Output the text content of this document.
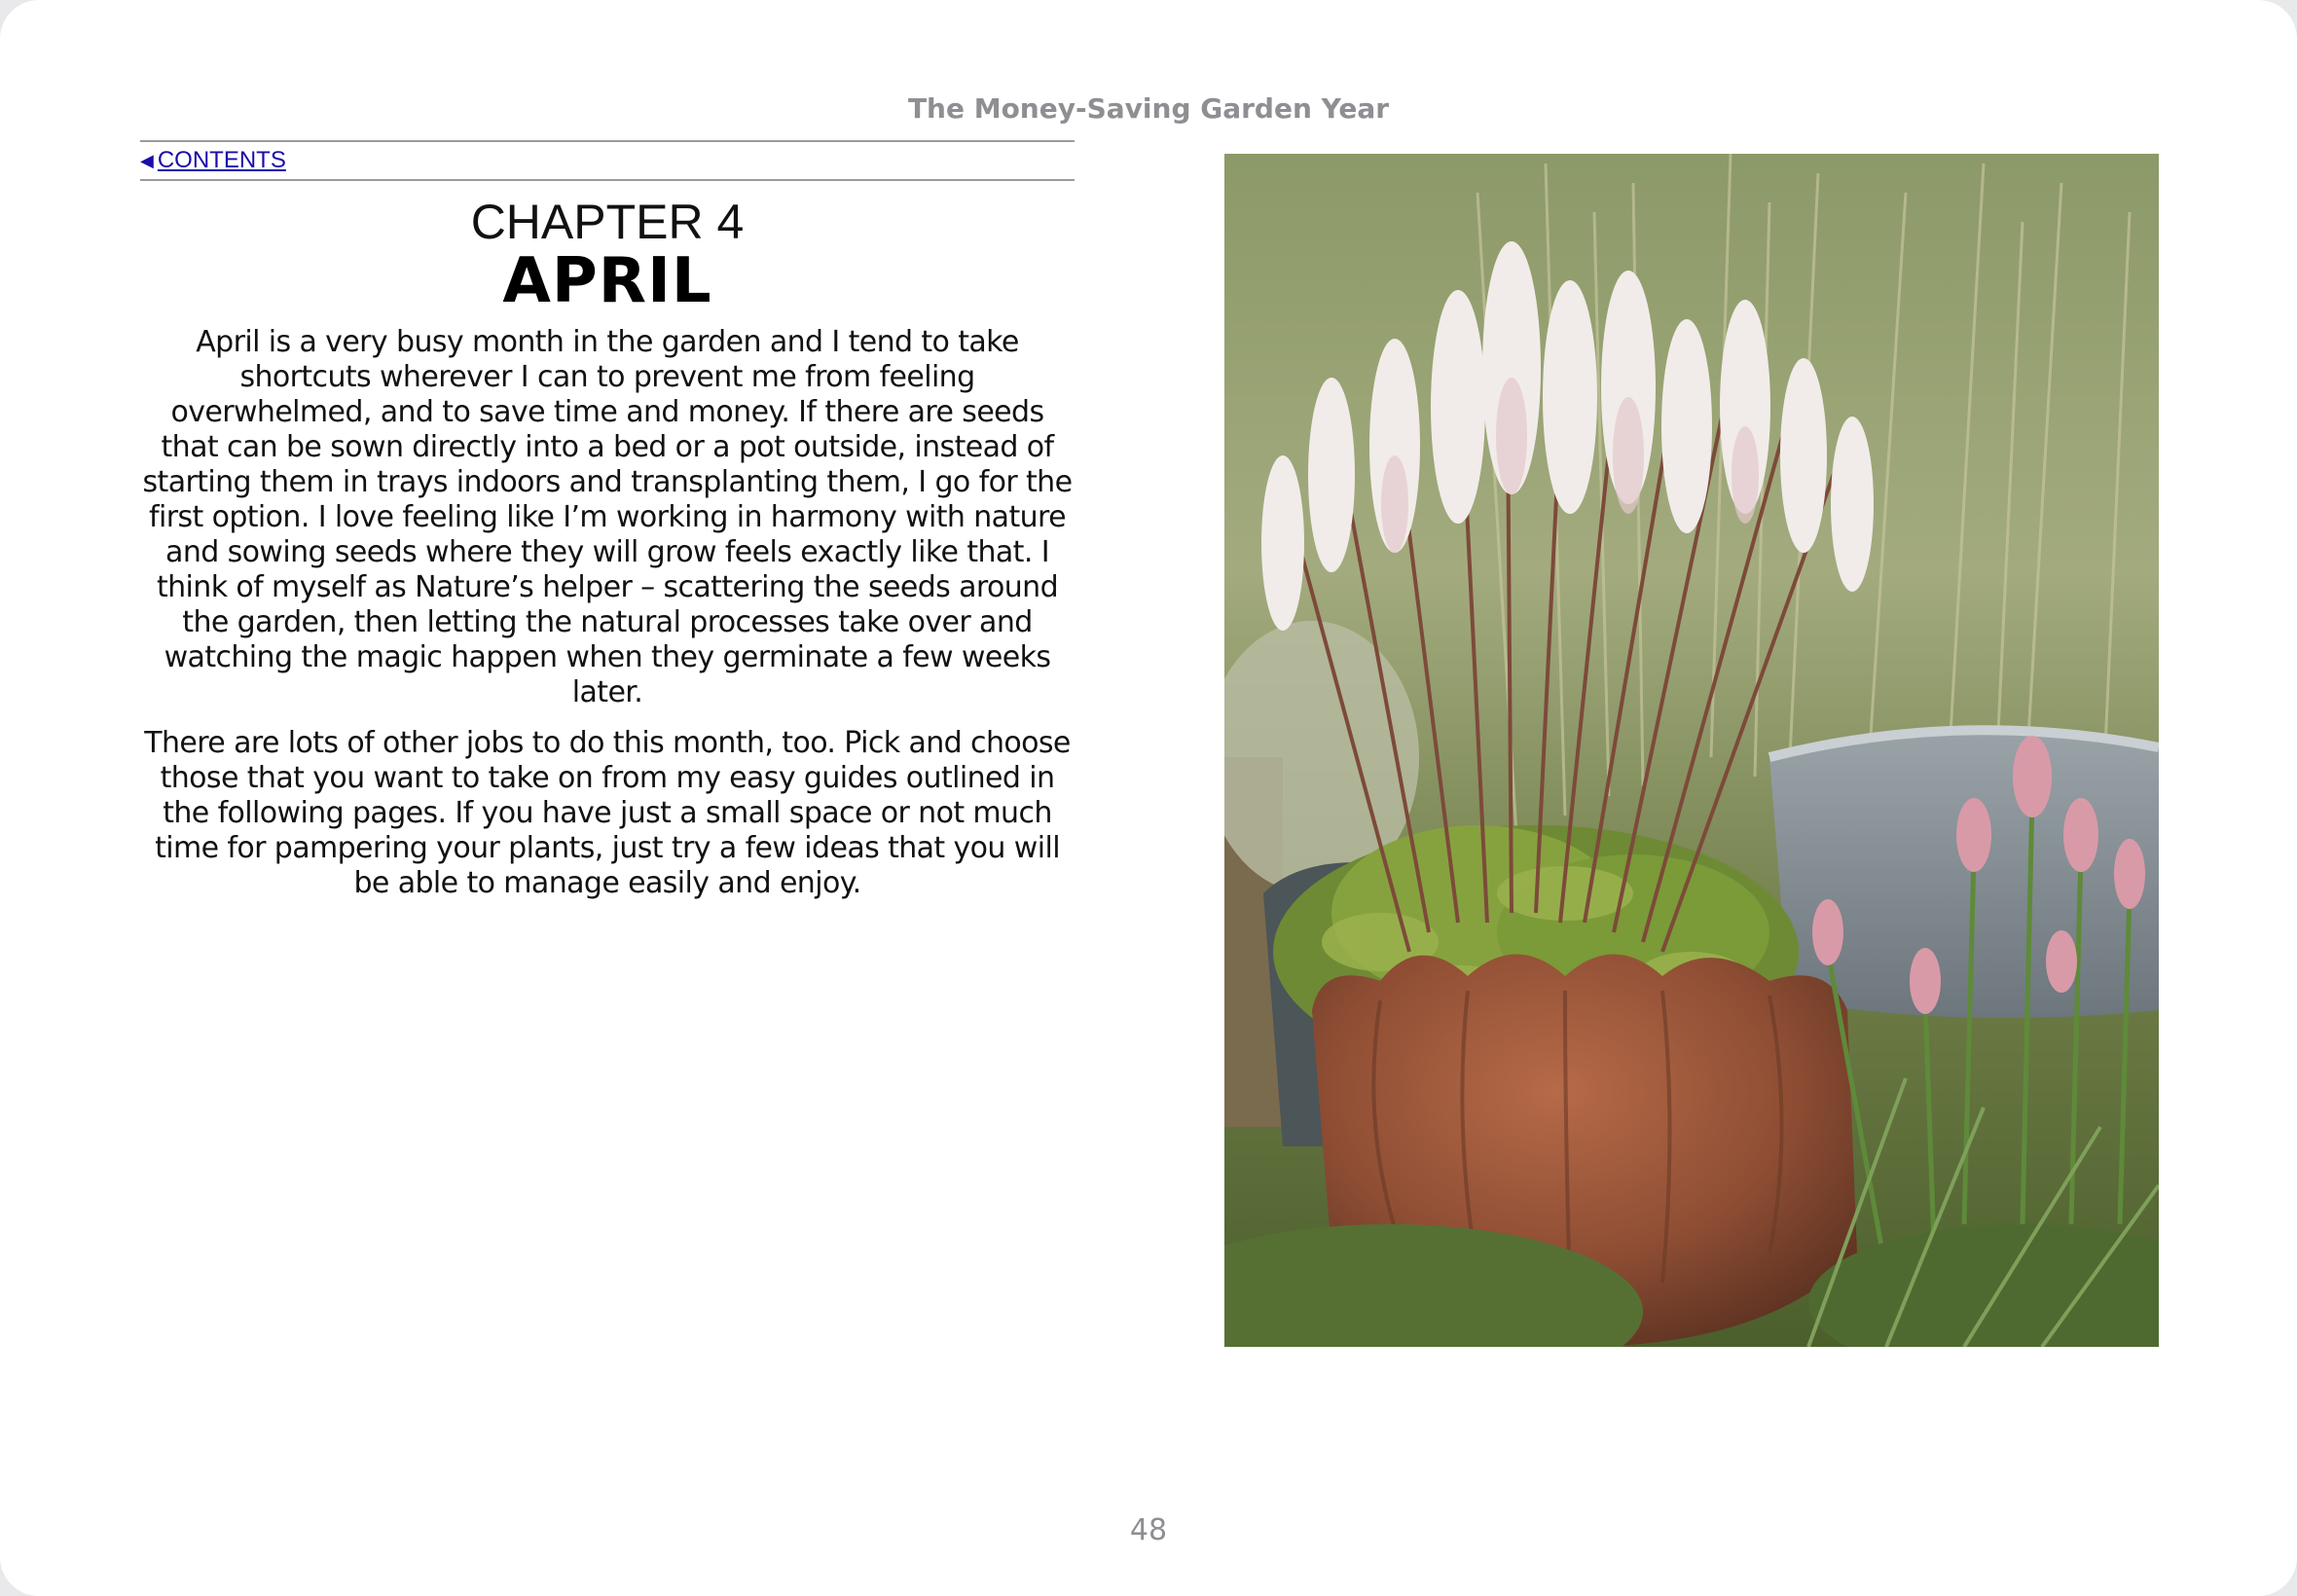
The Money-Saving Garden Year
◀ CONTENTS
CHAPTER 4
APRIL

April is a very busy month in the garden and I tend to take shortcuts wherever I can to prevent me from feeling overwhelmed, and to save time and money. If there are seeds that can be sown directly into a bed or a pot outside, instead of starting them in trays indoors and transplanting them, I go for the first option. I love feeling like I’m working in harmony with nature and sowing seeds where they will grow feels exactly like that. I think of myself as Nature’s helper – scattering the seeds around the garden, then letting the natural processes take over and watching the magic happen when they germinate a few weeks later.

There are lots of other jobs to do this month, too. Pick and choose those that you want to take on from my easy guides outlined in the following pages. If you have just a small space or not much time for pampering your plants, just try a few ideas that you will be able to manage easily and enjoy.

48
